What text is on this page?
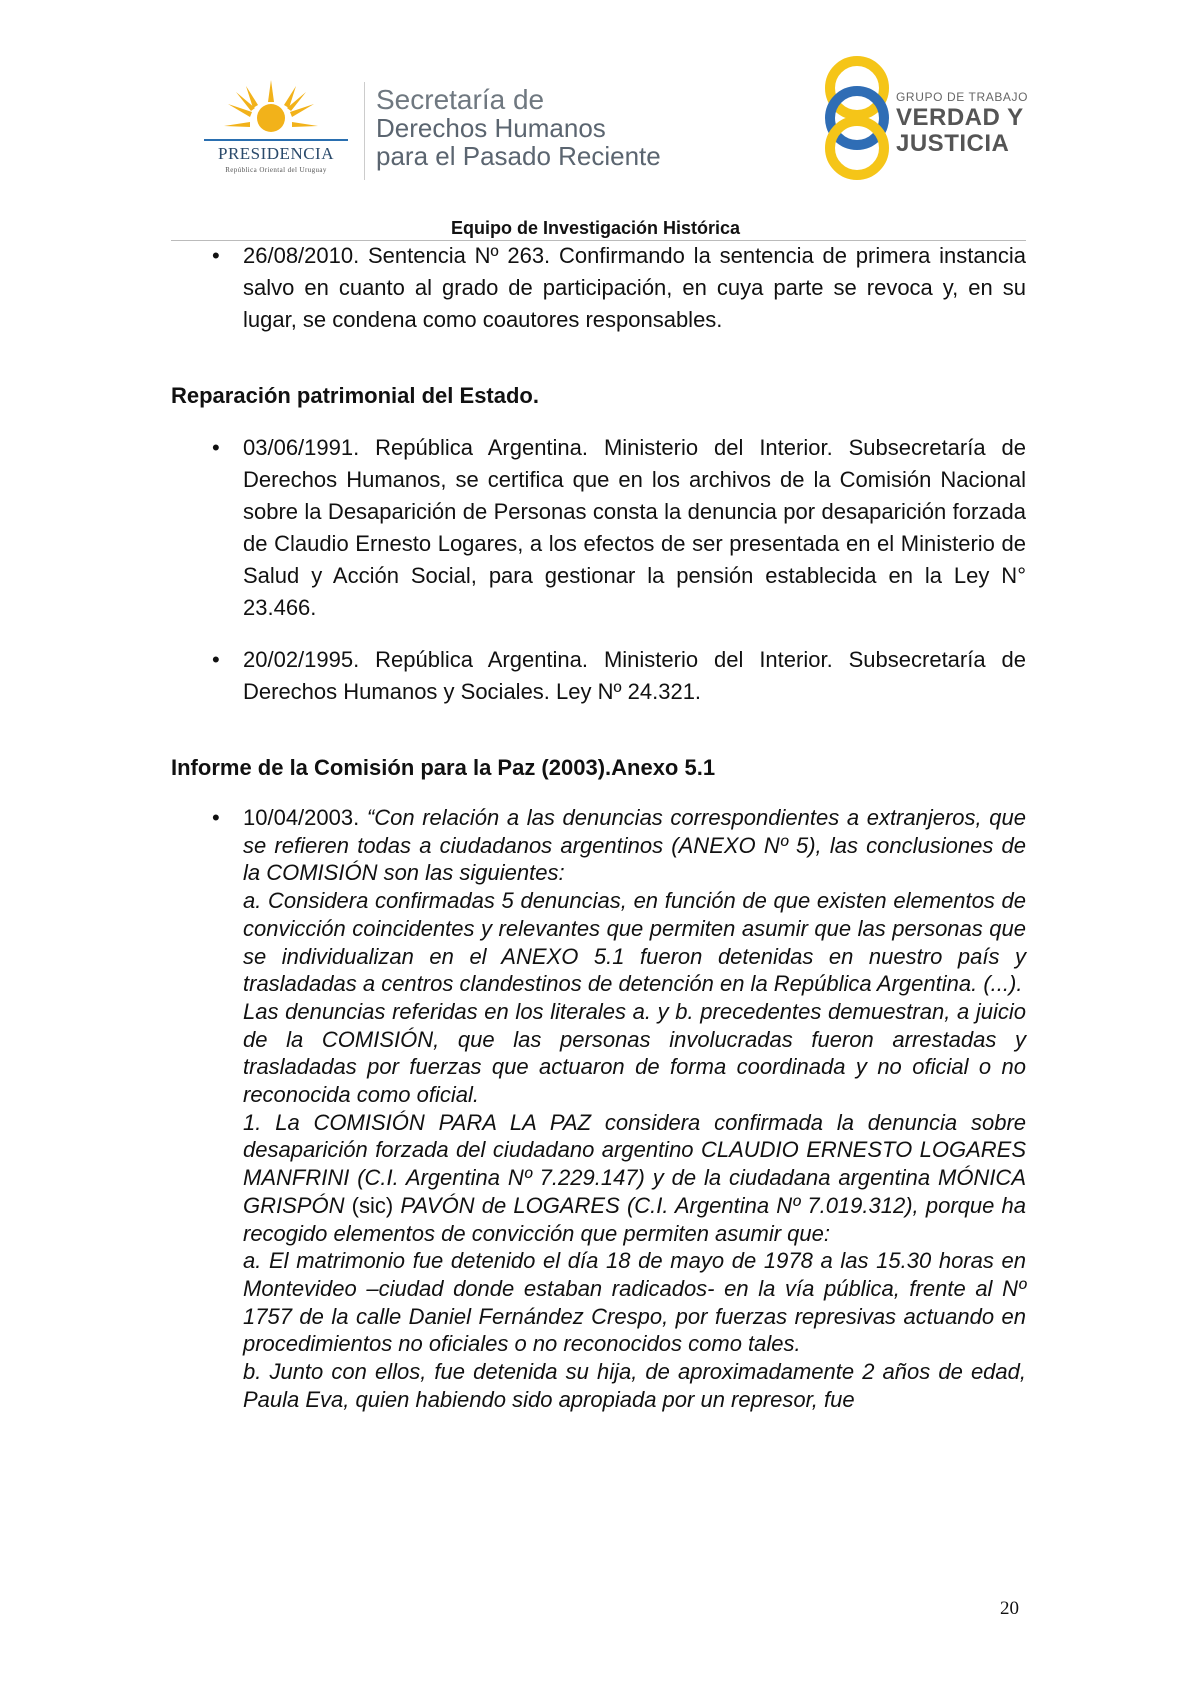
PRESIDENCIA
República Oriental del Uruguay
Secretaría de
Derechos Humanos
para el Pasado Reciente
GRUPO DE TRABAJO
VERDAD Y
JUSTICIA
Equipo de Investigación Histórica
• 26/08/2010. Sentencia Nº 263. Confirmando la sentencia de primera instancia salvo en cuanto al grado de participación, en cuya parte se revoca y, en su lugar, se condena como coautores responsables.
Reparación patrimonial del Estado.
• 03/06/1991. República Argentina. Ministerio del Interior. Subsecretaría de Derechos Humanos, se certifica que en los archivos de la Comisión Nacional sobre la Desaparición de Personas consta la denuncia por desaparición forzada de Claudio Ernesto Logares, a los efectos de ser presentada en el Ministerio de Salud y Acción Social, para gestionar la pensión establecida en la Ley N° 23.466.
• 20/02/1995. República Argentina. Ministerio del Interior. Subsecretaría de Derechos Humanos y Sociales. Ley Nº 24.321.
Informe de la Comisión para la Paz (2003).Anexo 5.1
• 10/04/2003. “Con relación a las denuncias correspondientes a extranjeros, que se refieren todas a ciudadanos argentinos (ANEXO Nº 5), las conclusiones de la COMISIÓN son las siguientes:

a. Considera confirmadas 5 denuncias, en función de que existen elementos de convicción coincidentes y relevantes que permiten asumir que las personas que se individualizan en el ANEXO 5.1 fueron detenidas en nuestro país y trasladadas a centros clandestinos de detención en la República Argentina. (...).

Las denuncias referidas en los literales a. y b. precedentes demuestran, a juicio de la COMISIÓN, que las personas involucradas fueron arrestadas y trasladadas por fuerzas que actuaron de forma coordinada y no oficial o no reconocida como oficial.

1. La COMISIÓN PARA LA PAZ considera confirmada la denuncia sobre desaparición forzada del ciudadano argentino CLAUDIO ERNESTO LOGARES MANFRINI (C.I. Argentina Nº 7.229.147) y de la ciudadana argentina MÓNICA GRISPÓN (sic) PAVÓN de LOGARES (C.I. Argentina Nº 7.019.312), porque ha recogido elementos de convicción que permiten asumir que:

a. El matrimonio fue detenido el día 18 de mayo de 1978 a las 15.30 horas en Montevideo –ciudad donde estaban radicados- en la vía pública, frente al Nº 1757 de la calle Daniel Fernández Crespo, por fuerzas represivas actuando en procedimientos no oficiales o no reconocidos como tales.

b. Junto con ellos, fue detenida su hija, de aproximadamente 2 años de edad, Paula Eva, quien habiendo sido apropiada por un represor, fue

20
